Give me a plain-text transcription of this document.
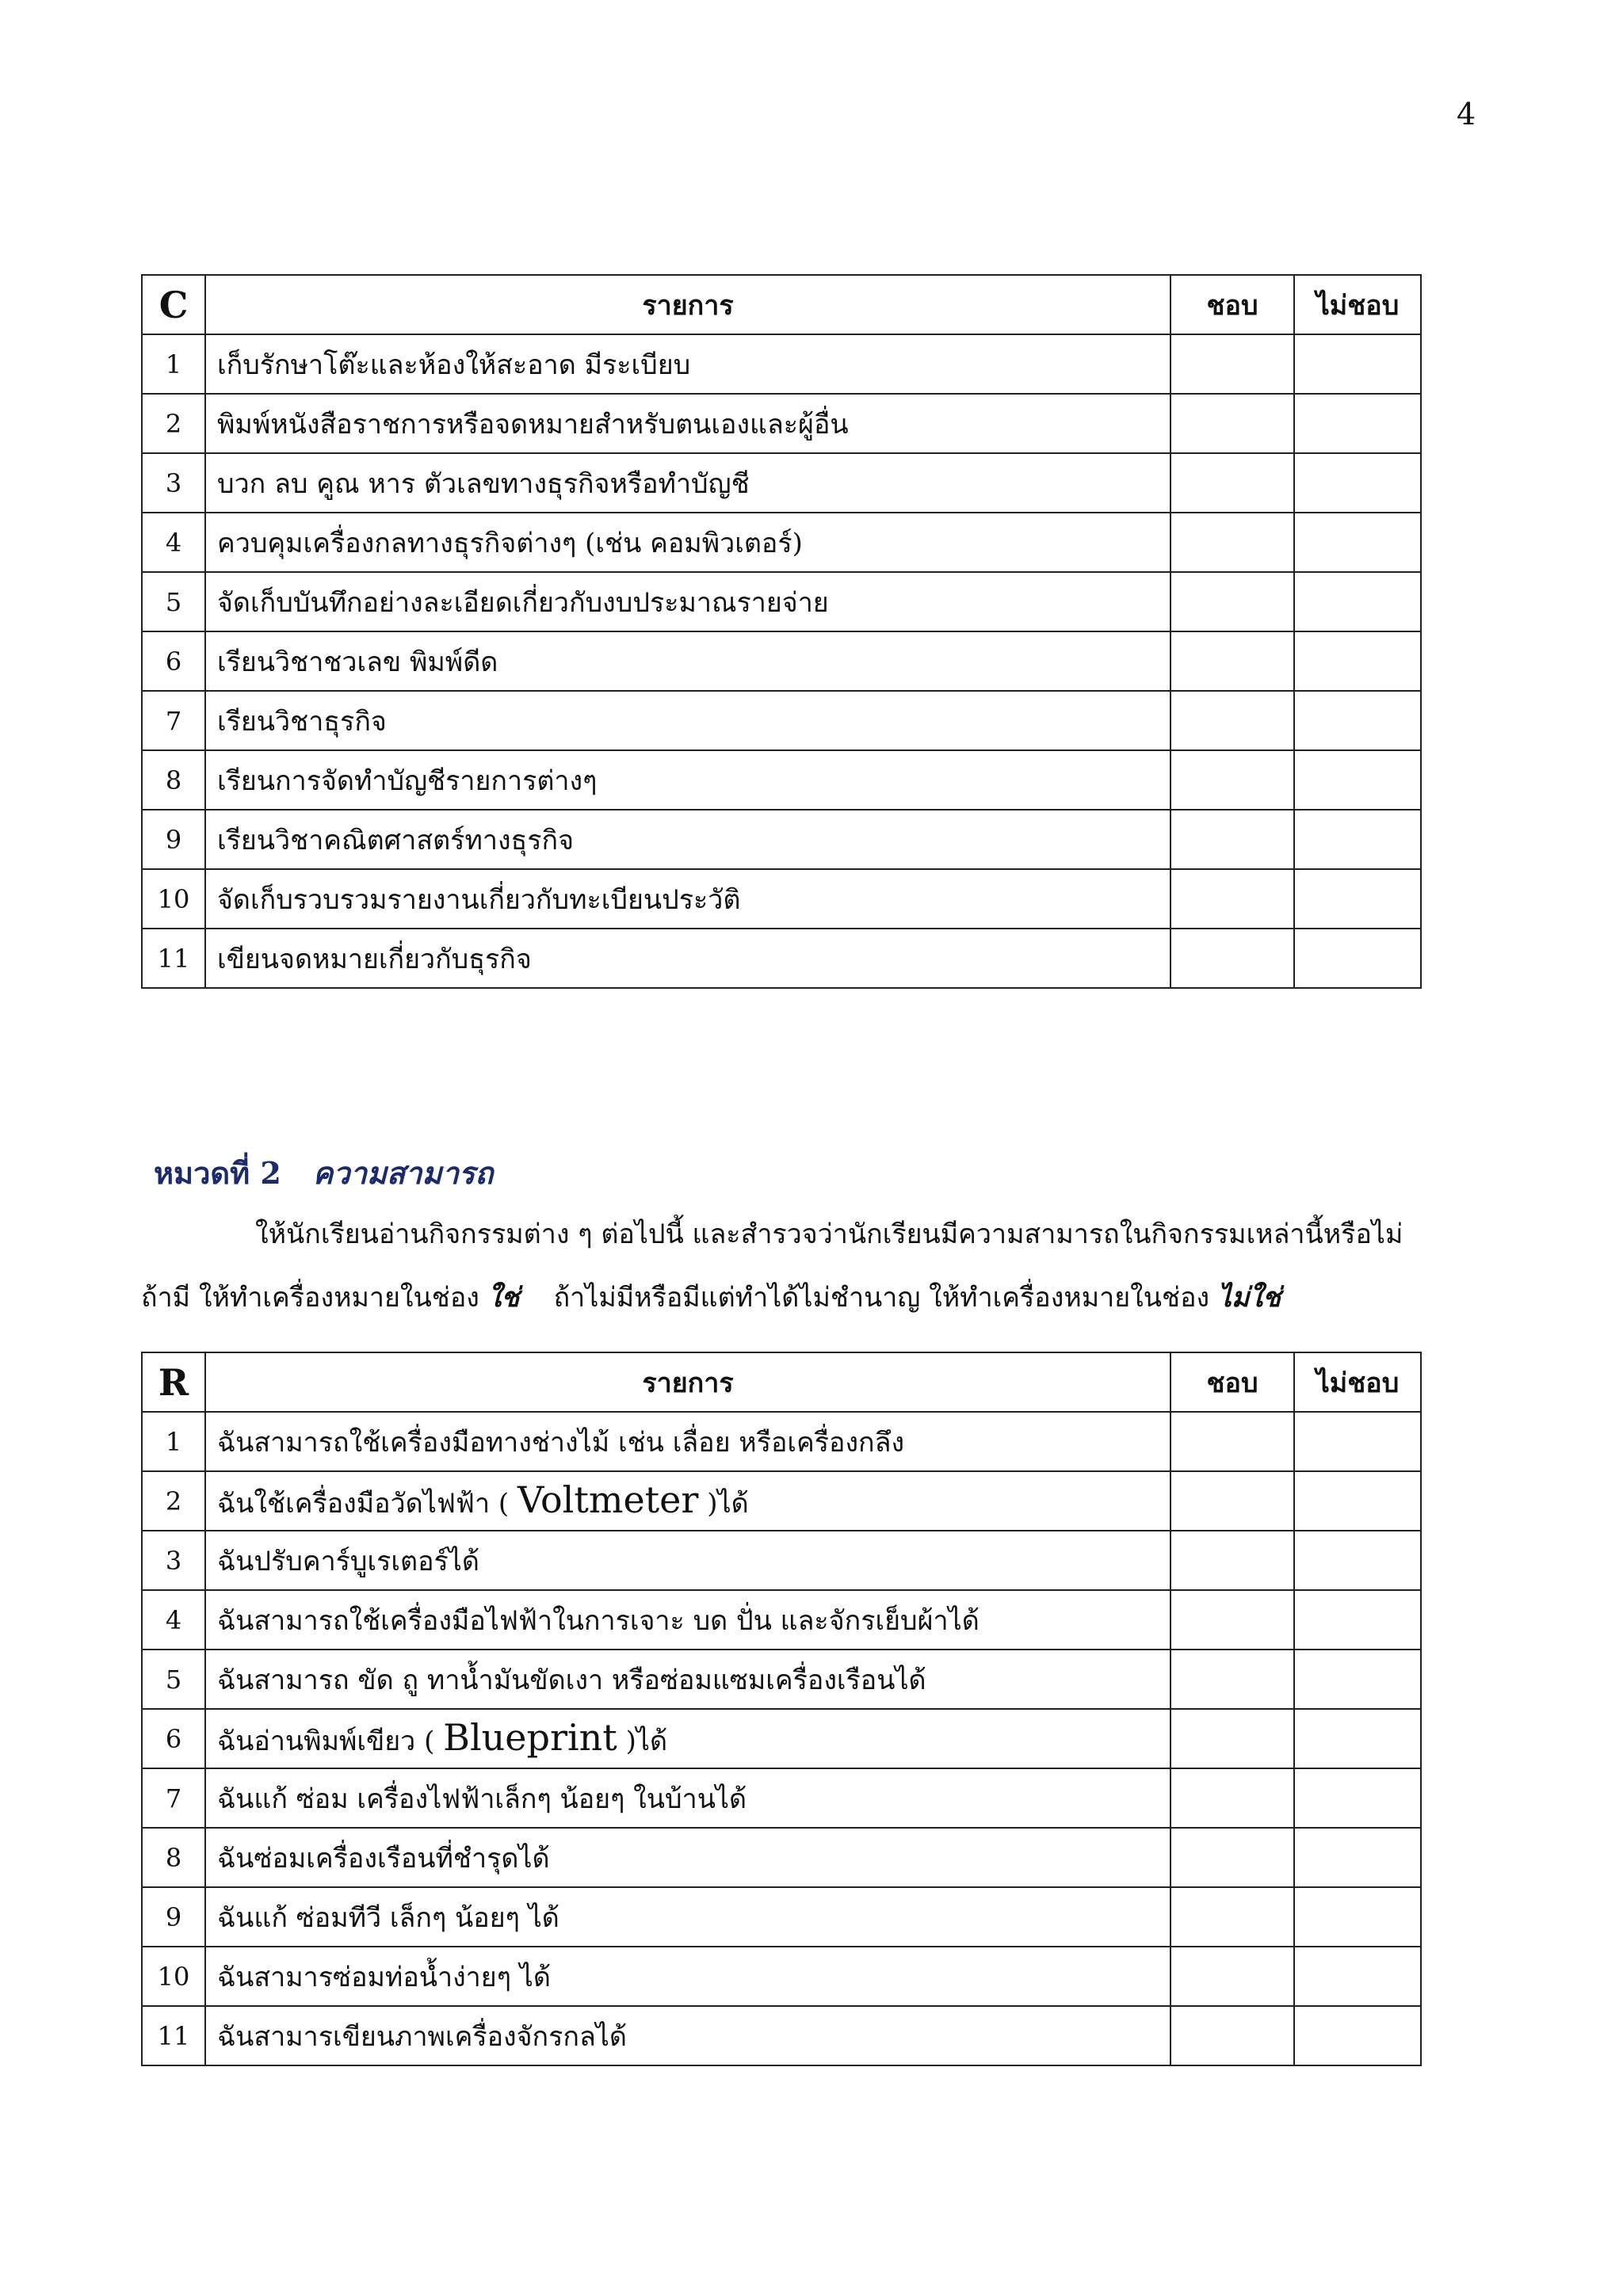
4
C	รายการ	ชอบ	ไม่ชอบ
1	เก็บรักษาโต๊ะและห้องให้สะอาด มีระเบียบ		
2	พิมพ์หนังสือราชการหรือจดหมายสำหรับตนเองและผู้อื่น		
3	บวก ลบ คูณ หาร ตัวเลขทางธุรกิจหรือทำบัญชี		
4	ควบคุมเครื่องกลทางธุรกิจต่างๆ (เช่น คอมพิวเตอร์)		
5	จัดเก็บบันทึกอย่างละเอียดเกี่ยวกับงบประมาณรายจ่าย		
6	เรียนวิชาชวเลข พิมพ์ดีด		
7	เรียนวิชาธุรกิจ		
8	เรียนการจัดทำบัญชีรายการต่างๆ		
9	เรียนวิชาคณิตศาสตร์ทางธุรกิจ		
10	จัดเก็บรวบรวมรายงานเกี่ยวกับทะเบียนประวัติ		
11	เขียนจดหมายเกี่ยวกับธุรกิจ		
หมวดที่ 2 ความสามารถ
ให้นักเรียนอ่านกิจกรรมต่าง ๆ ต่อไปนี้ และสำรวจว่านักเรียนมีความสามารถในกิจกรรมเหล่านี้หรือไม่
ถ้ามี ให้ทำเครื่องหมายในช่อง ใช่    ถ้าไม่มีหรือมีแต่ทำได้ไม่ชำนาญ ให้ทำเครื่องหมายในช่อง ไม่ใช่
R	รายการ	ชอบ	ไม่ชอบ
1	ฉันสามารถใช้เครื่องมือทางช่างไม้ เช่น เลื่อย หรือเครื่องกลึง		
2	ฉันใช้เครื่องมือวัดไฟฟ้า ( Voltmeter )ได้		
3	ฉันปรับคาร์บูเรเตอร์ได้		
4	ฉันสามารถใช้เครื่องมือไฟฟ้าในการเจาะ บด ปั่น และจักรเย็บผ้าได้		
5	ฉันสามารถ ขัด ถู ทาน้ำมันขัดเงา หรือซ่อมแซมเครื่องเรือนได้		
6	ฉันอ่านพิมพ์เขียว ( Blueprint )ได้		
7	ฉันแก้ ซ่อม เครื่องไฟฟ้าเล็กๆ น้อยๆ ในบ้านได้		
8	ฉันซ่อมเครื่องเรือนที่ชำรุดได้		
9	ฉันแก้ ซ่อมทีวี เล็กๆ น้อยๆ ได้		
10	ฉันสามารซ่อมท่อน้ำง่ายๆ ได้		
11	ฉันสามารเขียนภาพเครื่องจักรกลได้		
